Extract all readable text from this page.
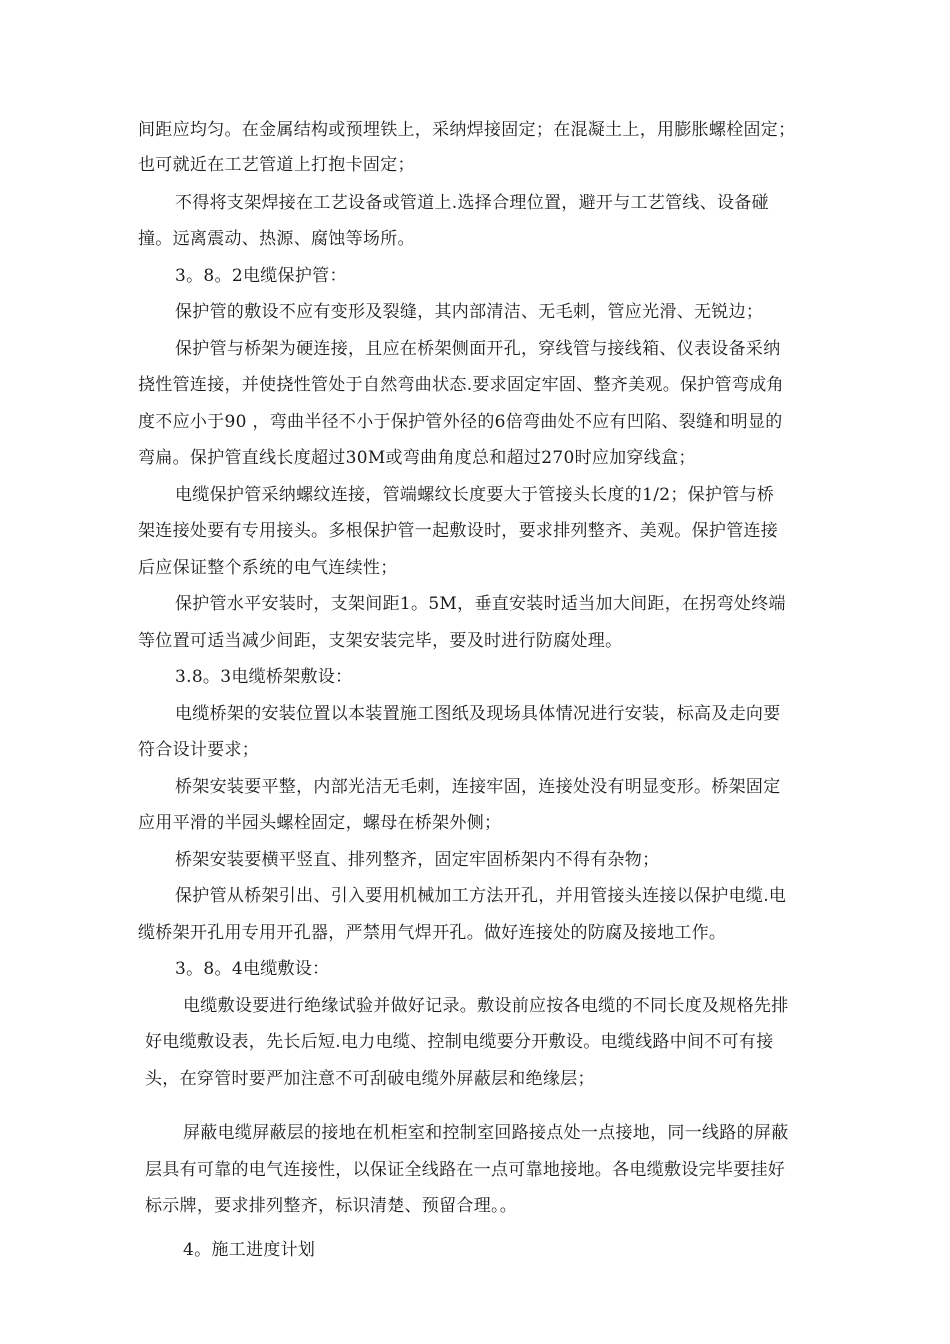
间距应均匀。在金属结构或预埋铁上，采纳焊接固定；在混凝土上，用膨胀螺栓固定；
也可就近在工艺管道上打抱卡固定；
不得将支架焊接在工艺设备或管道上.选择合理位置，避开与工艺管线、设备碰
撞。远离震动、热源、腐蚀等场所。
3。8。2电缆保护管：
保护管的敷设不应有变形及裂缝，其内部清洁、无毛刺，管应光滑、无锐边；
保护管与桥架为硬连接，且应在桥架侧面开孔，穿线管与接线箱、仪表设备采纳
挠性管连接，并使挠性管处于自然弯曲状态.要求固定牢固、整齐美观。保护管弯成角
度不应小于90 ，弯曲半径不小于保护管外径的6倍弯曲处不应有凹陷、裂缝和明显的
弯扁。保护管直线长度超过30M或弯曲角度总和超过270时应加穿线盒；
电缆保护管采纳螺纹连接，管端螺纹长度要大于管接头长度的1/2；保护管与桥
架连接处要有专用接头。多根保护管一起敷设时，要求排列整齐、美观。保护管连接
后应保证整个系统的电气连续性；
保护管水平安装时，支架间距1。5M，垂直安装时适当加大间距，在拐弯处终端
等位置可适当减少间距，支架安装完毕，要及时进行防腐处理。
3.8。3电缆桥架敷设：
电缆桥架的安装位置以本装置施工图纸及现场具体情况进行安装，标高及走向要
符合设计要求；
桥架安装要平整，内部光洁无毛刺，连接牢固，连接处没有明显变形。桥架固定
应用平滑的半园头螺栓固定，螺母在桥架外侧；
桥架安装要横平竖直、排列整齐，固定牢固桥架内不得有杂物；
保护管从桥架引出、引入要用机械加工方法开孔，并用管接头连接以保护电缆.电
缆桥架开孔用专用开孔器，严禁用气焊开孔。做好连接处的防腐及接地工作。
3。8。4电缆敷设：
电缆敷设要进行绝缘试验并做好记录。敷设前应按各电缆的不同长度及规格先排
好电缆敷设表，先长后短.电力电缆、控制电缆要分开敷设。电缆线路中间不可有接
头，在穿管时要严加注意不可刮破电缆外屏蔽层和绝缘层；
屏蔽电缆屏蔽层的接地在机柜室和控制室回路接点处一点接地，同一线路的屏蔽
层具有可靠的电气连接性，以保证全线路在一点可靠地接地。各电缆敷设完毕要挂好
标示牌，要求排列整齐，标识清楚、预留合理。。
4。施工进度计划
